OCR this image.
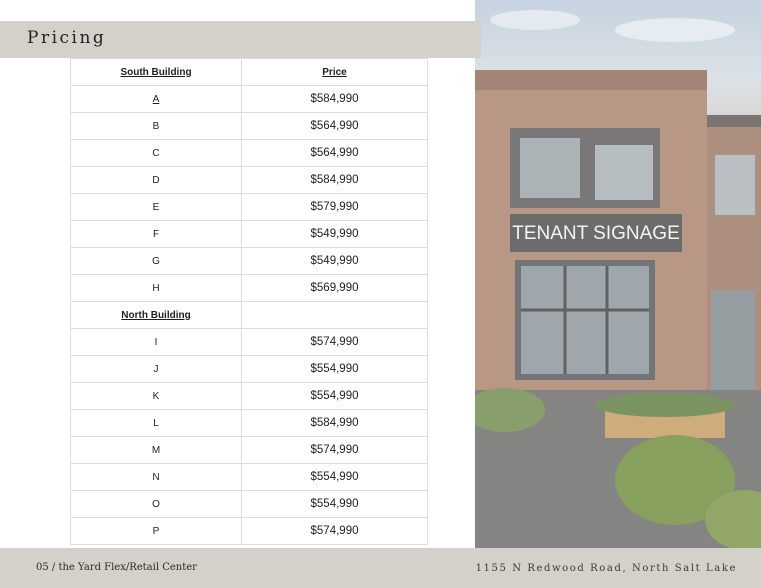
TENANT SIGNAGE
Pricing
South Building	Price
A	$584,990
B	$564,990
C	$564,990
D	$584,990
E	$579,990
F	$549,990
G	$549,990
H	$569,990
North Building	
I	$574,990
J	$554,990
K	$554,990
L	$584,990
M	$574,990
N	$554,990
O	$554,990
P	$574,990
05 / the Yard Flex/Retail Center	1155 N Redwood Road, North Salt Lake
